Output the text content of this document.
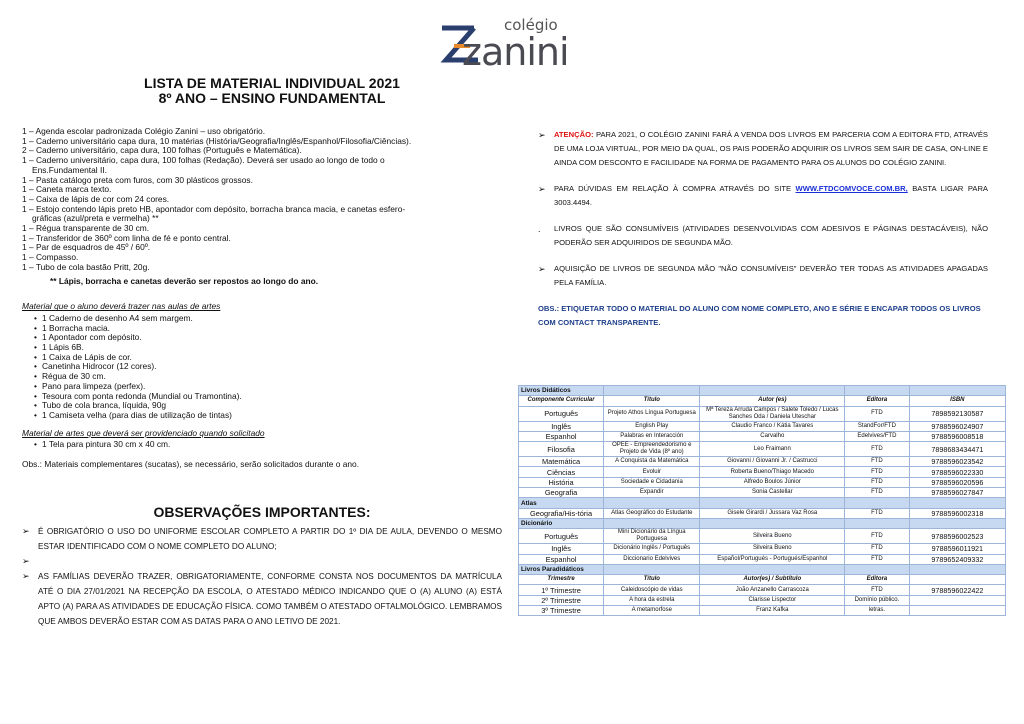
colégio
zanini

LISTA DE MATERIAL INDIVIDUAL 2021

8º ANO – ENSINO FUNDAMENTAL

1 – Agenda escolar padronizada Colégio Zanini – uso obrigatório.
1 – Caderno universitário capa dura, 10 matérias (História/Geografia/Inglês/Espanhol/Filosofia/Ciências).
2 – Caderno universitário, capa dura, 100 folhas (Português e Matemática).
1 – Caderno universitário, capa dura, 100 folhas (Redação). Deverá ser usado ao longo de todo o
Ens.Fundamental II.
1 – Pasta catálogo preta com furos, com 30 plásticos grossos.
1 – Caneta marca texto.
1 – Caixa de lápis de cor com 24 cores.
1 – Estojo contendo lápis preto HB, apontador com depósito, borracha branca macia, e canetas esfero-
gráficas (azul/preta e vermelha) **
1 – Régua transparente de 30 cm.
1 – Transferidor de 360º com linha de fé e ponto central.
1 – Par de esquadros de 45º / 60º.
1 – Compasso.
1 – Tubo de cola bastão Pritt, 20g.
** Lápis, borracha e canetas deverão ser repostos ao longo do ano.
Material que o aluno deverá trazer nas aulas de artes
• 1 Caderno de desenho A4 sem margem.
• 1 Borracha macia.
• 1 Apontador com depósito.
• 1 Lápis 6B.
• 1 Caixa de Lápis de cor.
• Canetinha Hidrocor (12 cores).
• Régua de 30 cm.
• Pano para limpeza (perfex).
• Tesoura com ponta redonda (Mundial ou Tramontina).
• Tubo de cola branca, líquida, 90g
• 1 Camiseta velha (para dias de utilização de tintas)
Material de artes que deverá ser providenciado quando solicitado
• 1 Tela para pintura 30 cm x 40 cm.
Obs.: Materiais complementares (sucatas), se necessário, serão solicitados durante o ano.
OBSERVAÇÕES IMPORTANTES:
➢ É OBRIGATÓRIO O USO DO UNIFORME ESCOLAR COMPLETO A PARTIR DO 1º DIA DE AULA, DEVENDO O MESMO ESTAR IDENTIFICADO COM O NOME COMPLETO DO ALUNO;
➢
➢ AS FAMÍLIAS DEVERÃO TRAZER, OBRIGATORIAMENTE, CONFORME CONSTA NOS DOCUMENTOS DA MATRÍCULA ATÉ O DIA 27/01/2021 NA RECEPÇÃO DA ESCOLA, O ATESTADO MÉDICO INDICANDO QUE O (A) ALUNO (A) ESTÁ APTO (A) PARA AS ATIVIDADES DE EDUCAÇÃO FÍSICA. COMO TAMBÉM O ATESTADO OFTALMOLÓGICO. LEMBRAMOS QUE AMBOS DEVERÃO ESTAR COM AS DATAS PARA O ANO LETIVO DE 2021.
➢ ATENÇÃO: PARA 2021, O COLÉGIO ZANINI FARÁ A VENDA DOS LIVROS EM PARCERIA COM A EDITORA FTD, ATRAVÉS DE UMA LOJA VIRTUAL, POR MEIO DA QUAL, OS PAIS PODERÃO ADQUIRIR OS LIVROS SEM SAIR DE CASA, ON-LINE E AINDA COM DESCONTO E FACILIDADE NA FORMA DE PAGAMENTO PARA OS ALUNOS DO COLÉGIO ZANINI.
➢ PARA DÚVIDAS EM RELAÇÃO À COMPRA ATRAVÉS DO SITE WWW.FTDCOMVOCE.COM.BR, BASTA LIGAR PARA 3003.4494.
. LIVROS QUE SÃO CONSUMÍVEIS (ATIVIDADES DESENVOLVIDAS COM ADESIVOS E PÁGINAS DESTACÁVEIS), NÃO PODERÃO SER ADQUIRIDOS DE SEGUNDA MÃO.
➢ AQUISIÇÃO DE LIVROS DE SEGUNDA MÃO "NÃO CONSUMÍVEIS" DEVERÃO TER TODAS AS ATIVIDADES APAGADAS PELA FAMÍLIA.
OBS.: ETIQUETAR TODO O MATERIAL DO ALUNO COM NOME COMPLETO, ANO E SÉRIE E ENCAPAR TODOS OS LIVROS COM CONTACT TRANSPARENTE.
Livros Didáticos				
Componente Curricular	Título	Autor (es)	Editora	ISBN
Português	Projeto Athos Língua Portuguesa	Mª Tereza Arruda Campos / Salete Toledo / Lucas Sanches Oda / Daniela Uteschar	FTD	7898592130587
Inglês	English Play	Claudio Franco / Kátia Tavares	StandFor/FTD	9788596024907
Espanhol	Palabras en Interacción	Carvalho	Edelvives/FTD	9788596008518
Filosofia	OPEE - Empreendedorismo e Projeto de Vida (8º ano)	Leo Fraimann	FTD	7898683434471
Matemática	A Conquista da Matemática	Giovanni / Giovanni Jr. / Castrucci	FTD	9788596023542
Ciências	Evoluir	Roberta Bueno/Thiago Macedo	FTD	9788596022330
História	Sociedade e Cidadania	Alfredo Boulos Júnior	FTD	9788596020596
Geografia	Expandir	Sonia Castellar	FTD	9788596027847
Atlas				
Geografia/His-tória	Atlas Geográfico do Estudante	Gisele Girardi / Jussara Vaz Rosa	FTD	9788596002318
Dicionário				
Português	Mini Dicionário da Língua Portuguesa	Silveira Bueno	FTD	9788596002523
Inglês	Dicionário Inglês / Português	Silveira Bueno	FTD	9788596011921
Espanhol	Diccionario Edelvives	Español/Portugués - Portugués/Espanhol	FTD	9789652409332
Livros Paradidáticos				
Trimestre	Título	Autor(es) / Subtítulo	Editora	
1º Trimestre	Caleidoscópio de vidas	João Anzanello Carrascoza	FTD	9788596022422
2º Trimestre	A hora da estrela	Clarisse Lispector	Domínio público.	
3º Trimestre	A metamorfose	Franz Kafka	letras.	
